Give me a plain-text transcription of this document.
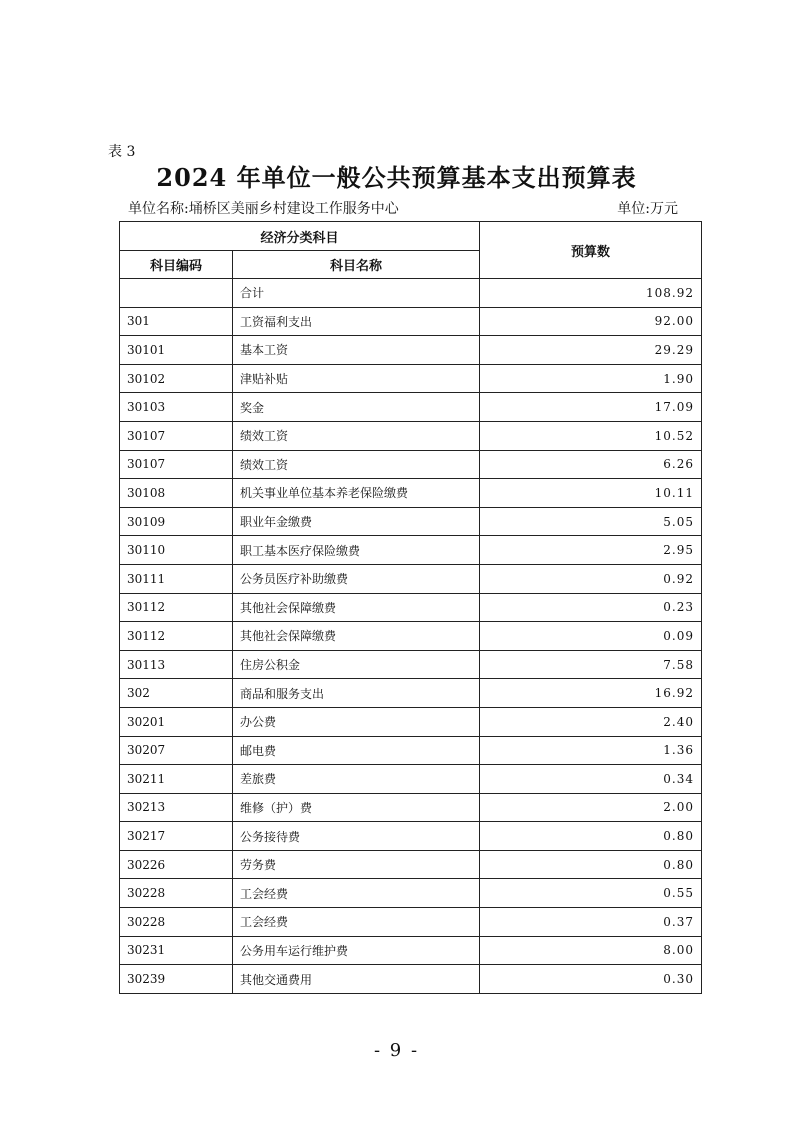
表 3
2024 年单位一般公共预算基本支出预算表
单位名称:埇桥区美丽乡村建设工作服务中心	单位:万元
经济分类科目		预算数
科目编码	科目名称	
	合计	108.92
301	工资福利支出	92.00
30101	基本工资	29.29
30102	津贴补贴	1.90
30103	奖金	17.09
30107	绩效工资	10.52
30107	绩效工资	6.26
30108	机关事业单位基本养老保险缴费	10.11
30109	职业年金缴费	5.05
30110	职工基本医疗保险缴费	2.95
30111	公务员医疗补助缴费	0.92
30112	其他社会保障缴费	0.23
30112	其他社会保障缴费	0.09
30113	住房公积金	7.58
302	商品和服务支出	16.92
30201	办公费	2.40
30207	邮电费	1.36
30211	差旅费	0.34
30213	维修（护）费	2.00
30217	公务接待费	0.80
30226	劳务费	0.80
30228	工会经费	0.55
30228	工会经费	0.37
30231	公务用车运行维护费	8.00
30239	其他交通费用	0.30
- 9 -
